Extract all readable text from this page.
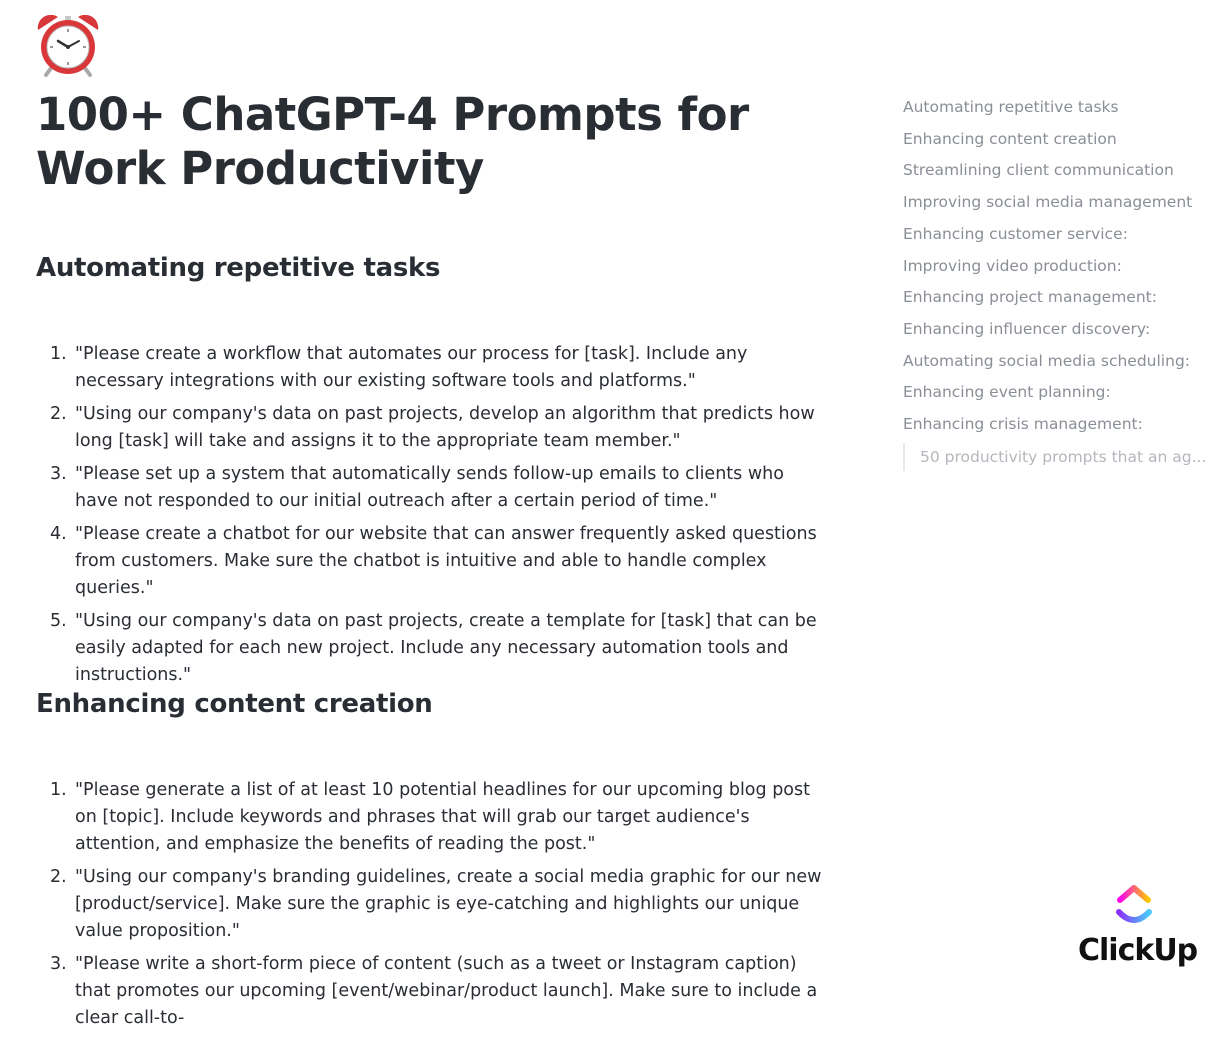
100+ ChatGPT-4 Prompts for Work Productivity
Automating repetitive tasks
1. "Please create a workflow that automates our process for [task]. Include any necessary integrations with our existing software tools and platforms."
2. "Using our company's data on past projects, develop an algorithm that predicts how long [task] will take and assigns it to the appropriate team member."
3. "Please set up a system that automatically sends follow-up emails to clients who have not responded to our initial outreach after a certain period of time."
4. "Please create a chatbot for our website that can answer frequently asked questions from customers. Make sure the chatbot is intuitive and able to handle complex queries."
5. "Using our company's data on past projects, create a template for [task] that can be easily adapted for each new project. Include any necessary automation tools and instructions."
Enhancing content creation
1. "Please generate a list of at least 10 potential headlines for our upcoming blog post on [topic]. Include keywords and phrases that will grab our target audience's attention, and emphasize the benefits of reading the post."
2. "Using our company's branding guidelines, create a social media graphic for our new [product/service]. Make sure the graphic is eye-catching and highlights our unique value proposition."
3. "Please write a short-form piece of content (such as a tweet or Instagram caption) that promotes our upcoming [event/webinar/product launch]. Make sure to include a clear call-to-
Automating repetitive tasks
Enhancing content creation
Streamlining client communication
Improving social media management
Enhancing customer service:
Improving video production:
Enhancing project management:
Enhancing influencer discovery:
Automating social media scheduling:
Enhancing event planning:
Enhancing crisis management:
50 productivity prompts that an ag...
ClickUp
